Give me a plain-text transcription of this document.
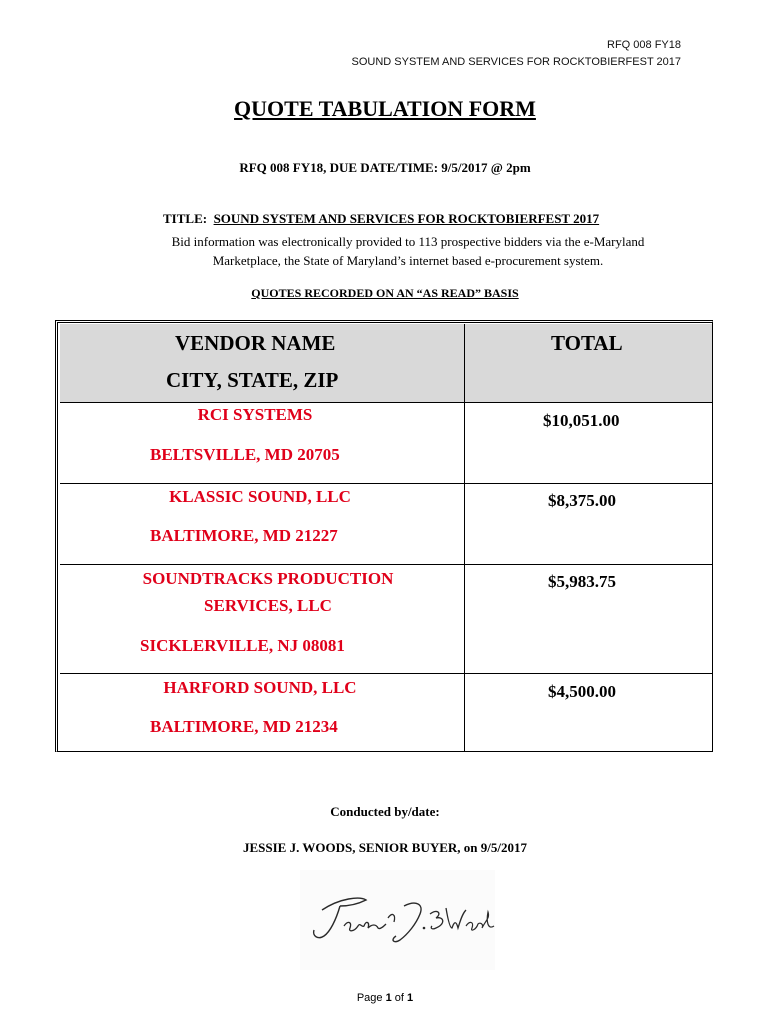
RFQ 008 FY18
SOUND SYSTEM AND SERVICES FOR ROCKTOBIERFEST 2017
QUOTE TABULATION FORM
RFQ 008 FY18, DUE DATE/TIME: 9/5/2017 @ 2pm
TITLE: SOUND SYSTEM AND SERVICES FOR ROCKTOBIERFEST 2017
Bid information was electronically provided to 113 prospective bidders via the e-Maryland Marketplace, the State of Maryland’s internet based e-procurement system.
QUOTES RECORDED ON AN “AS READ” BASIS
VENDOR NAME
CITY, STATE, ZIP
TOTAL
RCI SYSTEMS
BELTSVILLE, MD 20705
$10,051.00
KLASSIC SOUND, LLC
BALTIMORE, MD 21227
$8,375.00
SOUNDTRACKS PRODUCTION SERVICES, LLC
SICKLERVILLE, NJ 08081
$5,983.75
HARFORD SOUND, LLC
BALTIMORE, MD 21234
$4,500.00
Conducted by/date:
JESSIE J. WOODS, SENIOR BUYER, on 9/5/2017
Page 1 of 1
